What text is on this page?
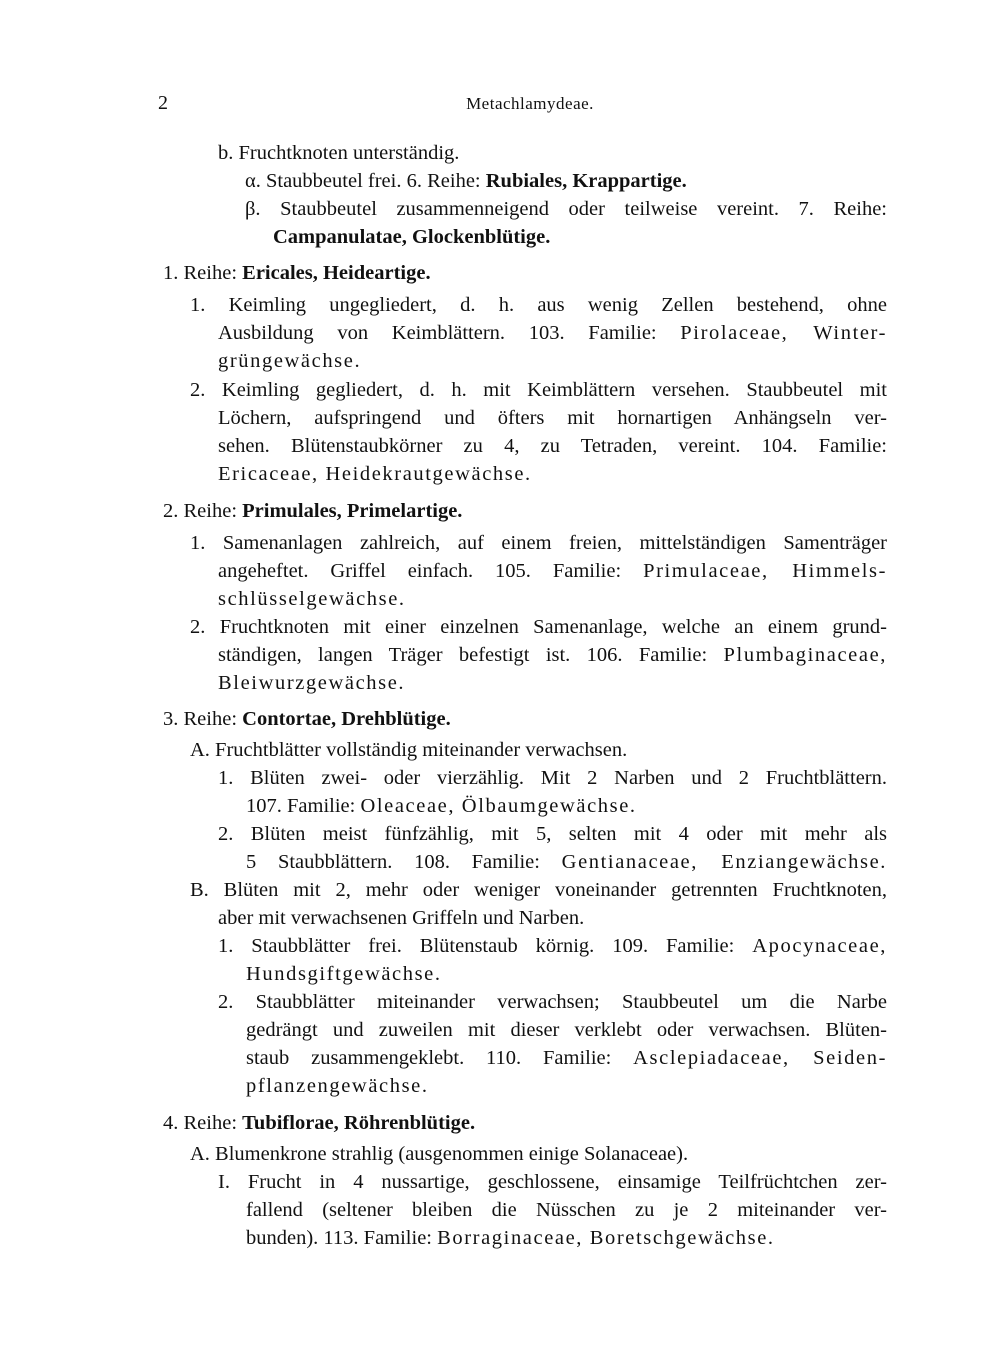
2	Metachlamydeae.
b. Fruchtknoten unterständig.
α. Staubbeutel frei. 6. Reihe: Rubiales, Krappartige.
β. Staubbeutel zusammenneigend oder teilweise vereint. 7. Reihe:
Campanulatae, Glockenblütige.
1. Reihe: Ericales, Heideartige.
1. Keimling ungegliedert, d. h. aus wenig Zellen bestehend, ohne
Ausbildung von Keimblättern. 103. Familie: Pirolaceae, Winter-
grüngewächse.
2. Keimling gegliedert, d. h. mit Keimblättern versehen. Staubbeutel mit
Löchern, aufspringend und öfters mit hornartigen Anhängseln ver-
sehen. Blütenstaubkörner zu 4, zu Tetraden, vereint. 104. Familie:
Ericaceae, Heidekrautgewächse.
2. Reihe: Primulales, Primelartige.
1. Samenanlagen zahlreich, auf einem freien, mittelständigen Samenträger
angeheftet. Griffel einfach. 105. Familie: Primulaceae, Himmels-
schlüsselgewächse.
2. Fruchtknoten mit einer einzelnen Samenanlage, welche an einem grund-
ständigen, langen Träger befestigt ist. 106. Familie: Plumbaginaceae,
Bleiwurzgewächse.
3. Reihe: Contortae, Drehblütige.
A. Fruchtblätter vollständig miteinander verwachsen.
1. Blüten zwei- oder vierzählig. Mit 2 Narben und 2 Fruchtblättern.
107. Familie: Oleaceae, Ölbaumgewächse.
2. Blüten meist fünfzählig, mit 5, selten mit 4 oder mit mehr als
5 Staubblättern. 108. Familie: Gentianaceae, Enziangewächse.
B. Blüten mit 2, mehr oder weniger voneinander getrennten Fruchtknoten,
aber mit verwachsenen Griffeln und Narben.
1. Staubblätter frei. Blütenstaub körnig. 109. Familie: Apocynaceae,
Hundsgiftgewächse.
2. Staubblätter miteinander verwachsen; Staubbeutel um die Narbe
gedrängt und zuweilen mit dieser verklebt oder verwachsen. Blüten-
staub zusammengeklebt. 110. Familie: Asclepiadaceae, Seiden-
pflanzengewächse.
4. Reihe: Tubiflorae, Röhrenblütige.
A. Blumenkrone strahlig (ausgenommen einige Solanaceae).
I. Frucht in 4 nussartige, geschlossene, einsamige Teilfrüchtchen zer-
fallend (seltener bleiben die Nüsschen zu je 2 miteinander ver-
bunden). 113. Familie: Borraginaceae, Boretschgewächse.
